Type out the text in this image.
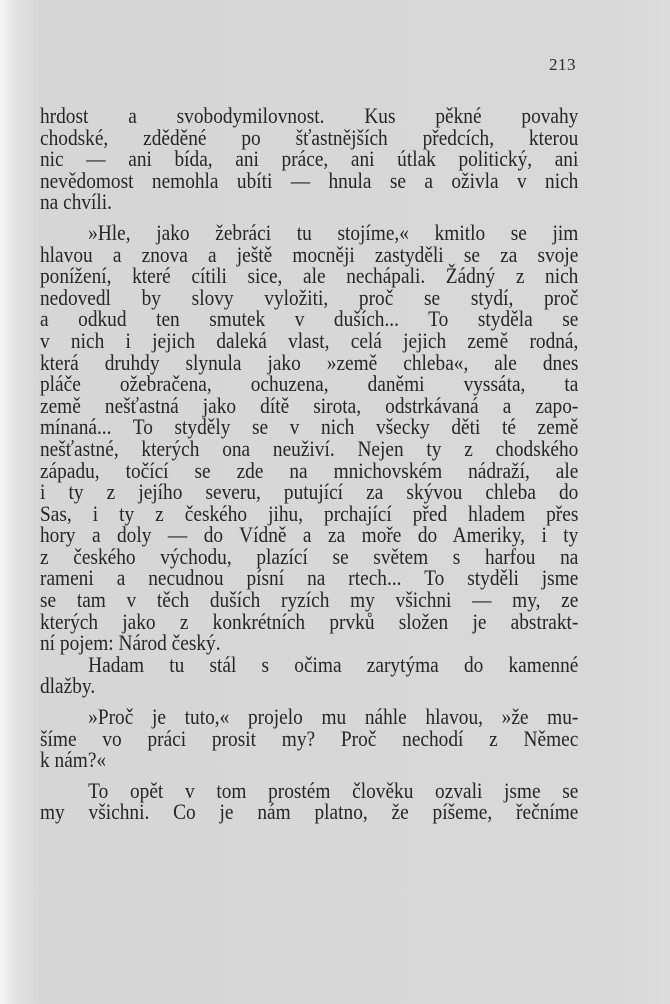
213
hrdost a svobodymilovnost. Kus pěkné povahy
chodské, zděděné po šťastnějších předcích, kterou
nic — ani bída, ani práce, ani útlak politický, ani
nevědomost nemohla ubíti — hnula se a oživla v nich
na chvíli.
»Hle, jako žebráci tu stojíme,« kmitlo se jim
hlavou a znova a ještě mocněji zastyděli se za svoje
ponížení, které cítili sice, ale nechápali. Žádný z nich
nedovedl by slovy vyložiti, proč se stydí, proč
a odkud ten smutek v duších... To styděla se
v nich i jejich daleká vlast, celá jejich země rodná,
která druhdy slynula jako »země chleba«, ale dnes
pláče ožebračena, ochuzena, daněmi vyssáta, ta
země nešťastná jako dítě sirota, odstrkávaná a zapo-
mínaná... To styděly se v nich všecky děti té země
nešťastné, kterých ona neuživí. Nejen ty z chodského
západu, točící se zde na mnichovském nádraží, ale
i ty z jejího severu, putující za skývou chleba do
Sas, i ty z českého jihu, prchající před hladem přes
hory a doly — do Vídně a za moře do Ameriky, i ty
z českého východu, plazící se světem s harfou na
rameni a necudnou písní na rtech... To styděli jsme
se tam v těch duších ryzích my všichni — my, ze
kterých jako z konkrétních prvků složen je abstrakt-
ní pojem: Národ český.
Hadam tu stál s očima zarytýma do kamenné
dlažby.
»Proč je tuto,« projelo mu náhle hlavou, »že mu-
šíme vo práci prosit my? Proč nechodí z Němec
k nám?«
To opět v tom prostém člověku ozvali jsme se
my všichni. Co je nám platno, že píšeme, řečníme
